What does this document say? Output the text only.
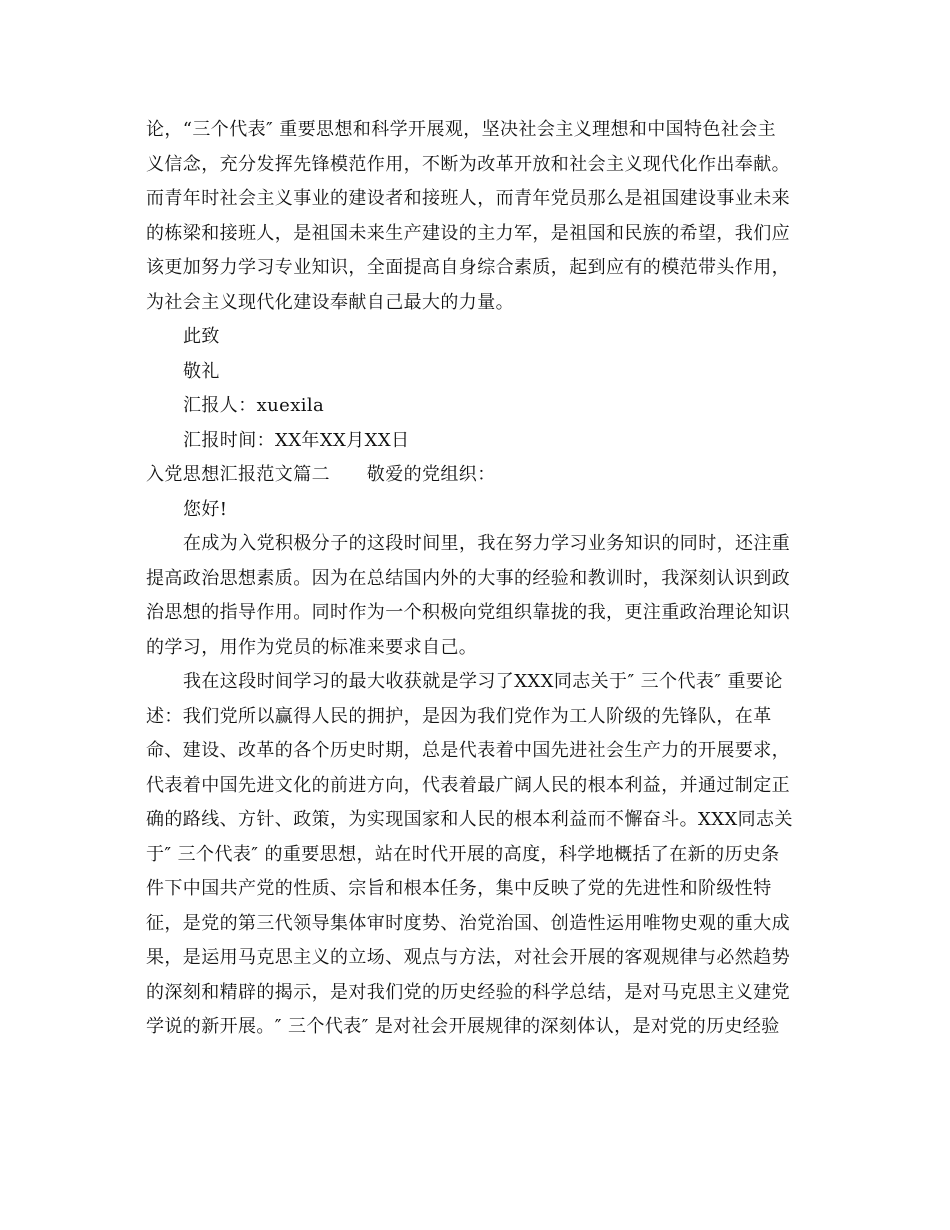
论，“三个代表″ 重要思想和科学开展观，坚决社会主义理想和中国特色社会主
义信念，充分发挥先锋模范作用，不断为改革开放和社会主义现代化作出奉献。
而青年时社会主义事业的建设者和接班人，而青年党员那么是祖国建设事业未来
的栋梁和接班人，是祖国未来生产建设的主力军，是祖国和民族的希望，我们应
该更加努力学习专业知识，全面提高自身综合素质，起到应有的模范带头作用，
为社会主义现代化建设奉献自己最大的力量。
此致
敬礼
汇报人：xuexila
汇报时间：XX年XX月XX日
入党思想汇报范文篇二　　敬爱的党组织：
您好!
在成为入党积极分子的这段时间里，我在努力学习业务知识的同时，还注重
提高政治思想素质。因为在总结国内外的大事的经验和教训时，我深刻认识到政
治思想的指导作用。同时作为一个积极向党组织靠拢的我，更注重政治理论知识
的学习，用作为党员的标准来要求自己。
我在这段时间学习的最大收获就是学习了XXX同志关于″ 三个代表″ 重要论
述：我们党所以赢得人民的拥护，是因为我们党作为工人阶级的先锋队，在革
命、建设、改革的各个历史时期，总是代表着中国先进社会生产力的开展要求，
代表着中国先进文化的前进方向，代表着最广阔人民的根本利益，并通过制定正
确的路线、方针、政策，为实现国家和人民的根本利益而不懈奋斗。XXX同志关
于″ 三个代表″ 的重要思想，站在时代开展的高度，科学地概括了在新的历史条
件下中国共产党的性质、宗旨和根本任务，集中反映了党的先进性和阶级性特
征，是党的第三代领导集体审时度势、治党治国、创造性运用唯物史观的重大成
果，是运用马克思主义的立场、观点与方法，对社会开展的客观规律与必然趋势
的深刻和精辟的揭示，是对我们党的历史经验的科学总结，是对马克思主义建党
学说的新开展。″ 三个代表″ 是对社会开展规律的深刻体认，是对党的历史经验
